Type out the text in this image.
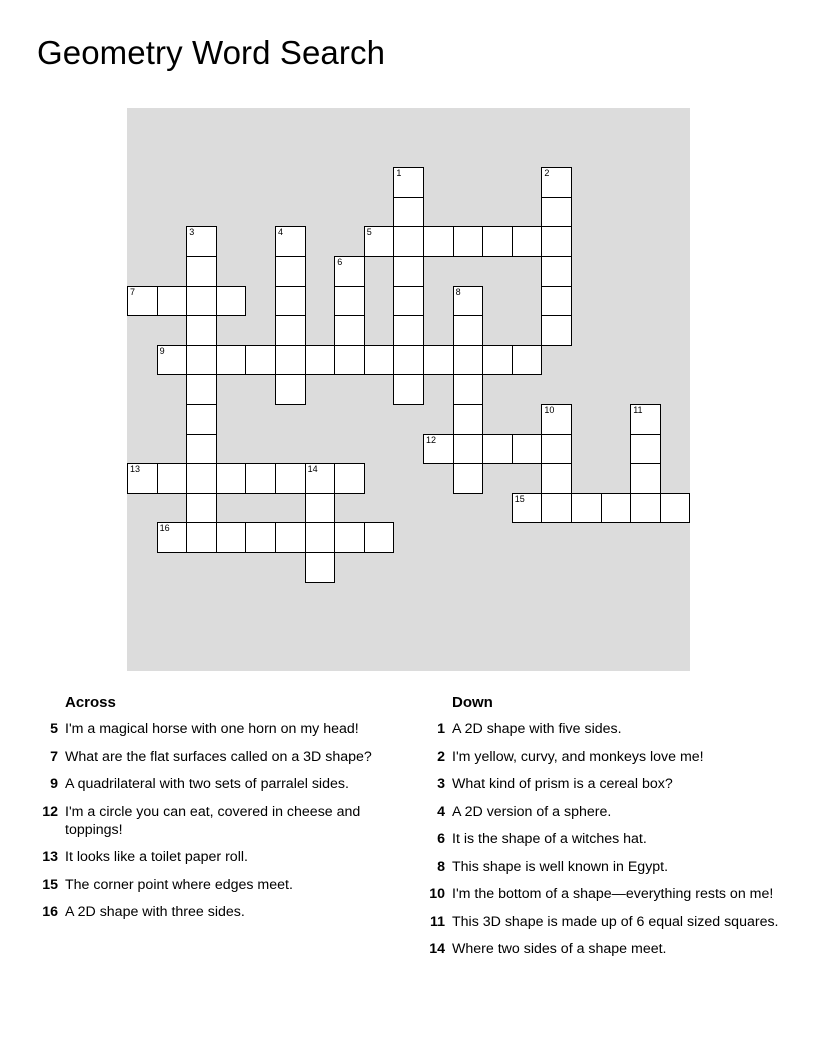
Geometry Word Search
1	2
3	4	5
6
7	8
9
10	11
12
13	14
15
16
Across
5 I'm a magical horse with one horn on my head!
7 What are the flat surfaces called on a 3D shape?
9 A quadrilateral with two sets of parralel sides.
12 I'm a circle you can eat, covered in cheese and toppings!
13 It looks like a toilet paper roll.
15 The corner point where edges meet.
16 A 2D shape with three sides.
Down
1 A 2D shape with five sides.
2 I'm yellow, curvy, and monkeys love me!
3 What kind of prism is a cereal box?
4 A 2D version of a sphere.
6 It is the shape of a witches hat.
8 This shape is well known in Egypt.
10 I'm the bottom of a shape—everything rests on me!
11 This 3D shape is made up of 6 equal sized squares.
14 Where two sides of a shape meet.
